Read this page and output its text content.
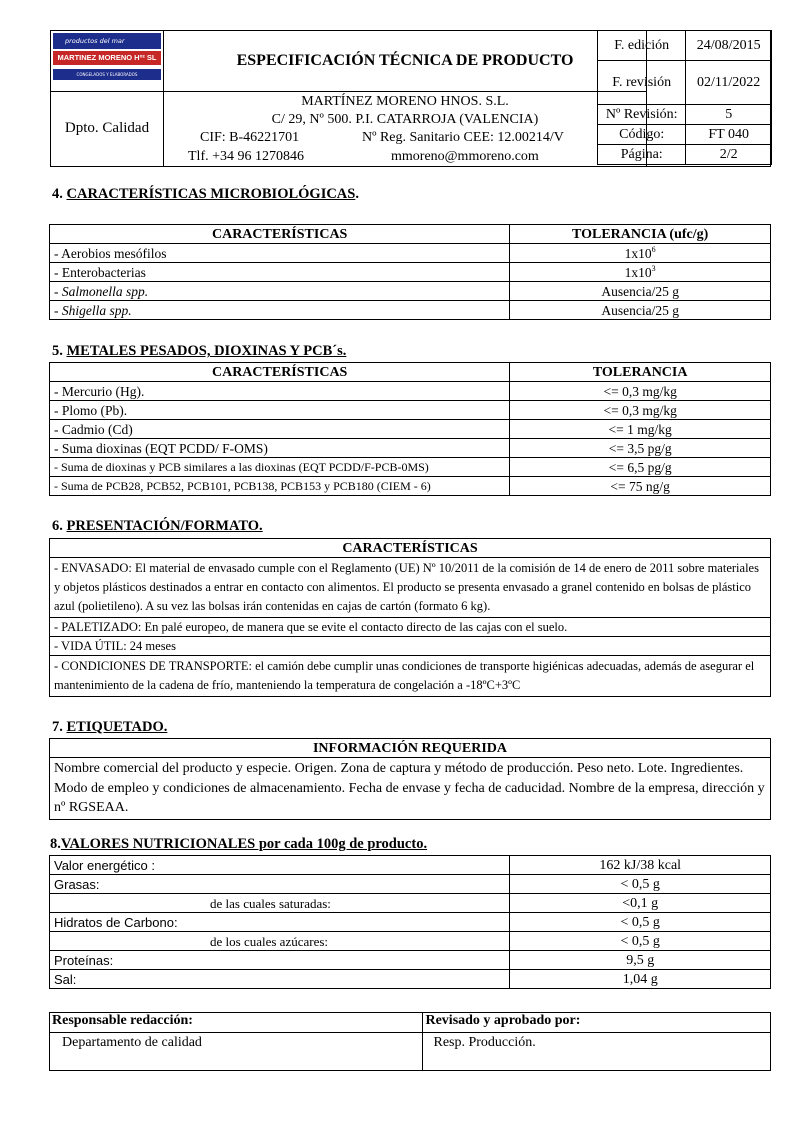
productos del mar
MARTINEZ MORENO Hº² SL
CONGELADOS Y ELABORADOS
Dpto. Calidad
ESPECIFICACIÓN TÉCNICA DE PRODUCTO
MARTÍNEZ MORENO HNOS. S.L.
C/ 29, Nº 500. P.I. CATARROJA (VALENCIA)
CIF: B-46221701	Nº Reg. Sanitario CEE: 12.00214/V
Tlf. +34 96 1270846	mmoreno@mmoreno.com
F. edición	24/08/2015
F. revisión	02/11/2022
Nº Revisión:	5
Código:	FT 040
Página:	2/2
4. CARACTERÍSTICAS MICROBIOLÓGICAS.
CARACTERÍSTICAS	TOLERANCIA (ufc/g)
- Aerobios mesófilos	$1x10^6$
- Enterobacterias	$1x10^3$
- Salmonella spp.	Ausencia/25 g
- Shigella spp.	Ausencia/25 g
5. METALES PESADOS, DIOXINAS Y PCB´s.
CARACTERÍSTICAS	TOLERANCIA
- Mercurio (Hg).	<= 0,3 mg/kg
- Plomo (Pb).	<= 0,3 mg/kg
- Cadmio (Cd)	<= 1 mg/kg
- Suma dioxinas (EQT PCDD/ F-OMS)	<= 3,5 pg/g
- Suma de dioxinas y PCB similares a las dioxinas (EQT PCDD/F-PCB-0MS)	<= 6,5 pg/g
- Suma de PCB28, PCB52, PCB101, PCB138, PCB153 y PCB180 (CIEM - 6)	<= 75 ng/g
6. PRESENTACIÓN/FORMATO.
CARACTERÍSTICAS
- ENVASADO: El material de envasado cumple con el Reglamento (UE) Nº 10/2011 de la comisión de 14 de enero de 2011 sobre materiales y objetos plásticos destinados a entrar en contacto con alimentos. El producto se presenta envasado a granel contenido en bolsas de plástico azul (polietileno). A su vez las bolsas irán contenidas en cajas de cartón (formato 6 kg).
- PALETIZADO: En palé europeo, de manera que se evite el contacto directo de las cajas con el suelo.
- VIDA ÚTIL: 24 meses
- CONDICIONES DE TRANSPORTE: el camión debe cumplir unas condiciones de transporte higiénicas adecuadas, además de asegurar el mantenimiento de la cadena de frío, manteniendo la temperatura de congelación a -18ºC+3ºC
7. ETIQUETADO.
INFORMACIÓN REQUERIDA
Nombre comercial del producto y especie. Origen. Zona de captura y método de producción. Peso neto. Lote. Ingredientes. Modo de empleo y condiciones de almacenamiento. Fecha de envase y fecha de caducidad. Nombre de la empresa, dirección y nº RGSEAA.
8.VALORES NUTRICIONALES por cada 100g de producto.
Valor energético :	162 kJ/38 kcal
Grasas:	< 0,5 g
de las cuales saturadas:	<0,1 g
Hidratos de Carbono:	< 0,5 g
de los cuales azúcares:	< 0,5 g
Proteínas:	9,5 g
Sal:	1,04 g
Responsable redacción:	Revisado y aprobado por:
Departamento de calidad	Resp. Producción.
